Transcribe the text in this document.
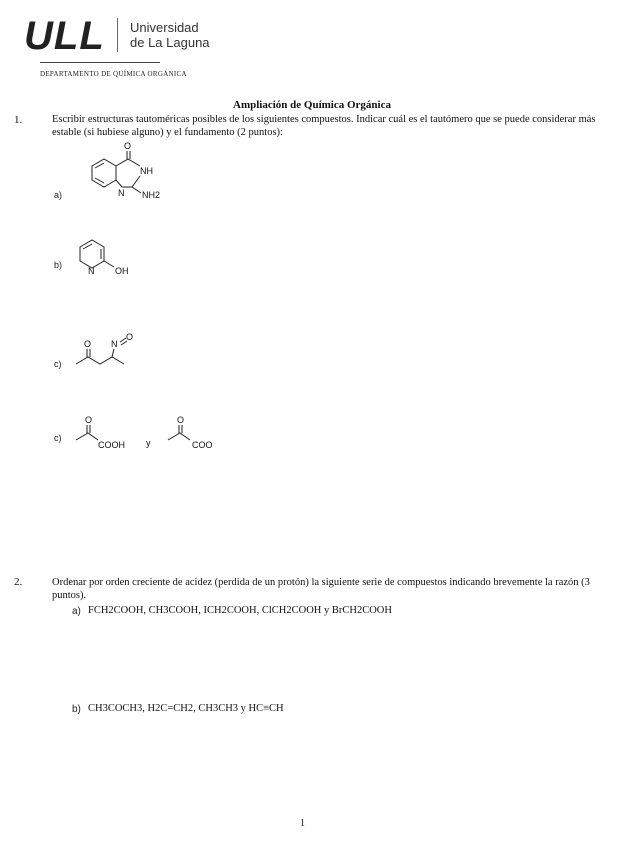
ULL Universidad
de La Laguna
DEPARTAMENTO DE QUÍMICA ORGÁNICA
Ampliación de Química Orgánica
1.	Escribir estructuras tautoméricas posibles de los siguientes compuestos. Indicar cuál es el tautómero que se puede considerar más estable (si hubiese alguno) y el fundamento (2 puntos):
a)
O
NH
N NH2
b)
N OH
c)
O N
O
c)
O
COOH y
O
COO
2.	Ordenar por orden creciente de acidez (perdida de un protón) la siguiente serie de compuestos indicando brevemente la razón (3 puntos).
a) FCH2COOH, CH3COOH, ICH2COOH, ClCH2COOH y BrCH2COOH
b) CH3COCH3, H2C=CH2, CH3CH3 y HC≡CH
1
